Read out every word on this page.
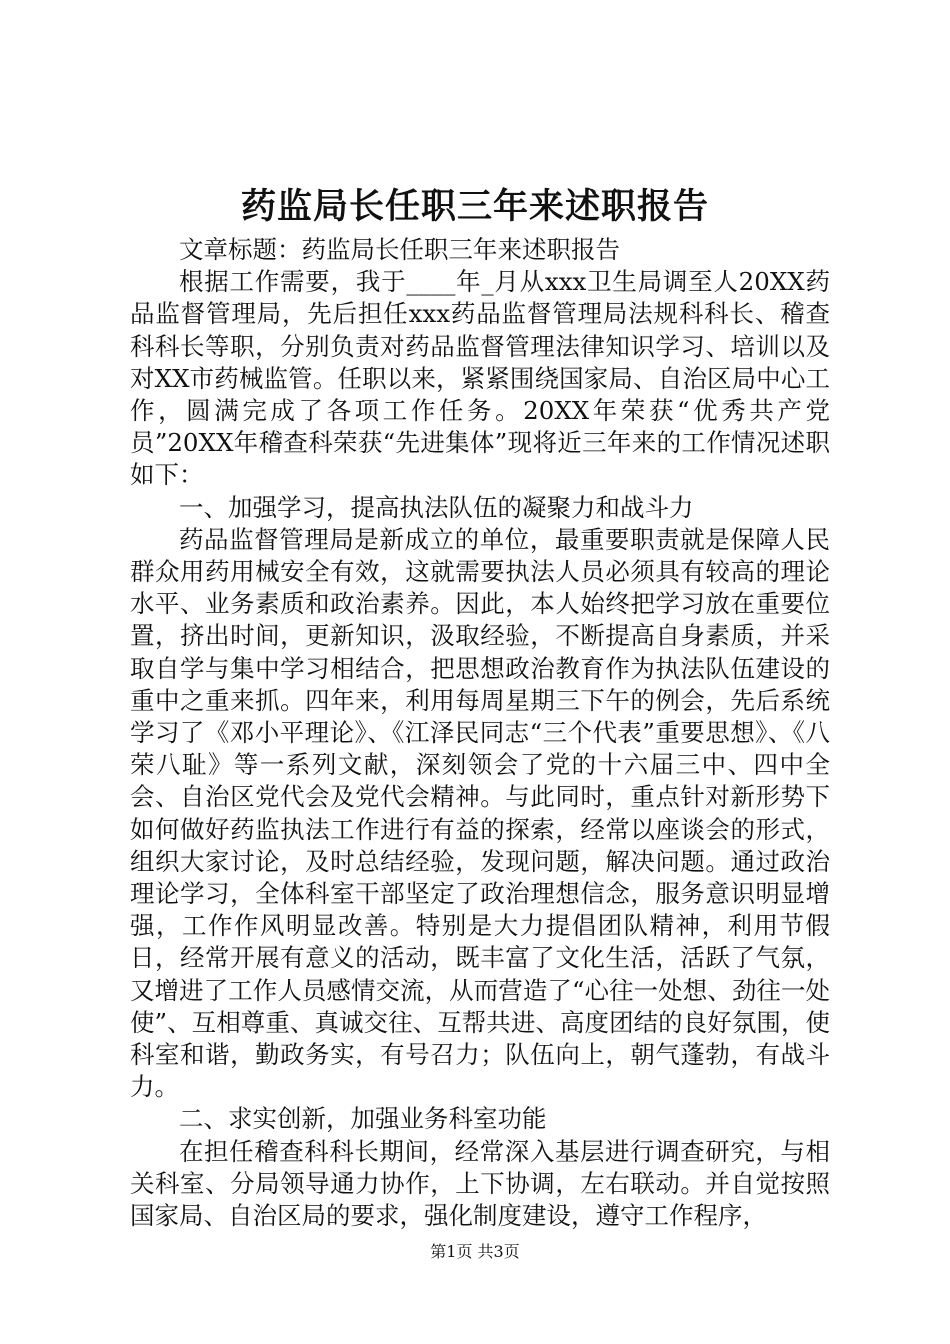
药监局长任职三年来述职报告

文章标题：药监局长任职三年来述职报告

根据工作需要，我于____年_月从xxx卫生局调至人20XX药品监督管理局，先后担任xxx药品监督管理局法规科科长、稽查科科长等职，分别负责对药品监督管理法律知识学习、培训以及对XX市药械监管。任职以来，紧紧围绕国家局、自治区局中心工作，圆满完成了各项工作任务。20XX年荣获“优秀共产党员”20XX年稽查科荣获“先进集体”现将近三年来的工作情况述职如下：

一、加强学习，提高执法队伍的凝聚力和战斗力

药品监督管理局是新成立的单位，最重要职责就是保障人民群众用药用械安全有效，这就需要执法人员必须具有较高的理论水平、业务素质和政治素养。因此，本人始终把学习放在重要位置，挤出时间，更新知识，汲取经验，不断提高自身素质，并采取自学与集中学习相结合，把思想政治教育作为执法队伍建设的重中之重来抓。四年来，利用每周星期三下午的例会，先后系统学习了《邓小平理论》、《江泽民同志“三个代表”重要思想》、《八荣八耻》等一系列文献，深刻领会了党的十六届三中、四中全会、自治区党代会及党代会精神。与此同时，重点针对新形势下如何做好药监执法工作进行有益的探索，经常以座谈会的形式，组织大家讨论，及时总结经验，发现问题，解决问题。通过政治理论学习，全体科室干部坚定了政治理想信念，服务意识明显增强，工作作风明显改善。特别是大力提倡团队精神，利用节假日，经常开展有意义的活动，既丰富了文化生活，活跃了气氛，又增进了工作人员感情交流，从而营造了“心往一处想、劲往一处使”、互相尊重、真诚交往、互帮共进、高度团结的良好氛围，使科室和谐，勤政务实，有号召力；队伍向上，朝气蓬勃，有战斗力。

二、求实创新，加强业务科室功能

在担任稽查科科长期间，经常深入基层进行调查研究，与相关科室、分局领导通力协作，上下协调，左右联动。并自觉按照国家局、自治区局的要求，强化制度建设，遵守工作程序，

第1页 共3页
